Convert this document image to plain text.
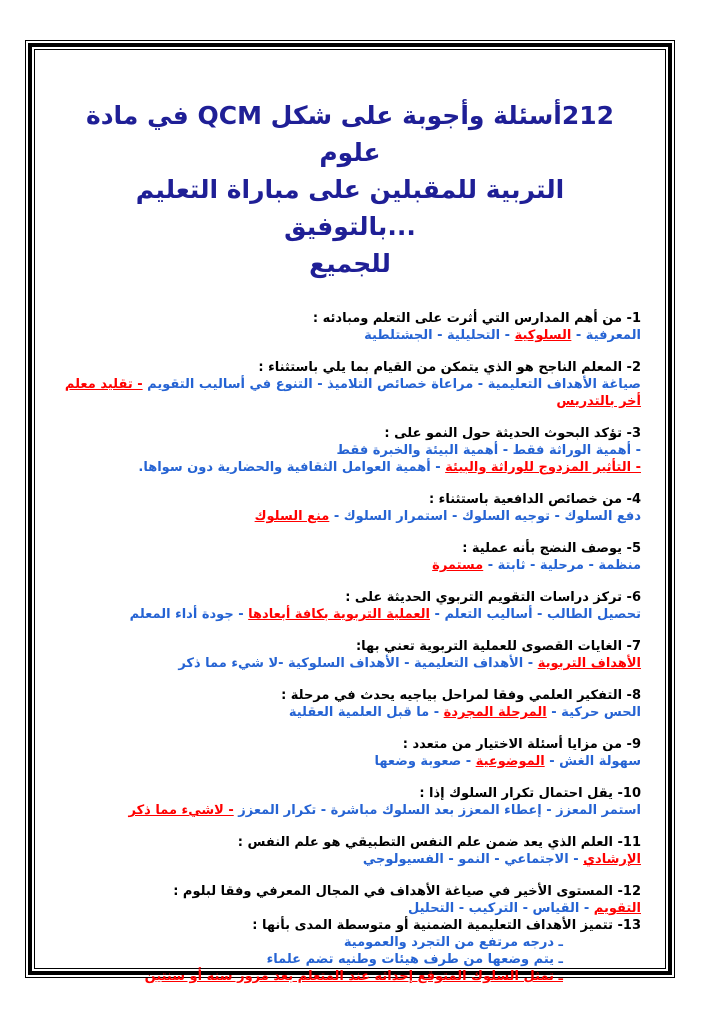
212أسئلة وأجوبة على شكل QCM في مادة علوم
التربية للمقبلين على مباراة التعليم ...بالتوفيق
للجميع
1- من أهم المدارس التي أثرت على التعلم ومبادئه :
المعرفية - السلوكية - التحليلية - الجشتلطية
2- المعلم الناجح هو الذي يتمكن من القيام بما يلي باستثناء :
صياغة الأهداف التعليمية - مراعاة خصائص التلاميذ - التنوع في أساليب التقويم - تقليد معلم أخر بالتدريس
3- تؤكد البحوث الحديثة حول النمو على :
- أهمية الوراثة فقط - أهمية البيئة والخبرة فقط
- التأثير المزدوج للوراثة والبيئة - أهمية العوامل الثقافية والحضارية دون سواها.
4- من خصائص الدافعية باستثناء :
دفع السلوك - توجيه السلوك - استمرار السلوك - منع السلوك
5- يوصف النضج بأنه عملية :
منظمة - مرحلية - ثابتة - مستمرة
6- تركز دراسات التقويم التربوي الحديثة على :
تحصيل الطالب - أساليب التعلم - العملية التربوية بكافة أبعادها - جودة أداء المعلم
7- الغايات القصوى للعملية التربوية تعني بها:
الأهداف التربوية - الأهداف التعليمية - الأهداف السلوكية -لا شيء مما ذكر
8- التفكير العلمي وفقا لمراحل بياجيه يحدث في مرحلة :
الحس حركية - المرحلة المجردة - ما قبل العلمية العقلية
9- من مزايا أسئلة الاختيار من متعدد :
سهولة الغش - الموضوعية - صعوبة وضعها
10- يقل احتمال تكرار السلوك إذا :
استمر المعزز - إعطاء المعزز بعد السلوك مباشرة - تكرار المعزز - لاشيء مما ذكر
11- العلم الذي يعد ضمن علم النفس التطبيقي هو علم النفس :
الإرشادي - الاجتماعي - النمو - الفسيولوجي
12- المستوى الأخير في صياغة الأهداف في المجال المعرفي وفقا لبلوم :
التقويم - القياس - التركيب - التحليل
13- تتميز الأهداف التعليمية الضمنية أو متوسطة المدى بأنها :
ـ درجه مرتفع من التجرد والعمومية
ـ يتم وضعها من طرف هيئات وطنيه تضم علماء
ـ تمثل السلوك المتوقع إحداثه عند المتعلم بعد مرور سنه أو سنتين
